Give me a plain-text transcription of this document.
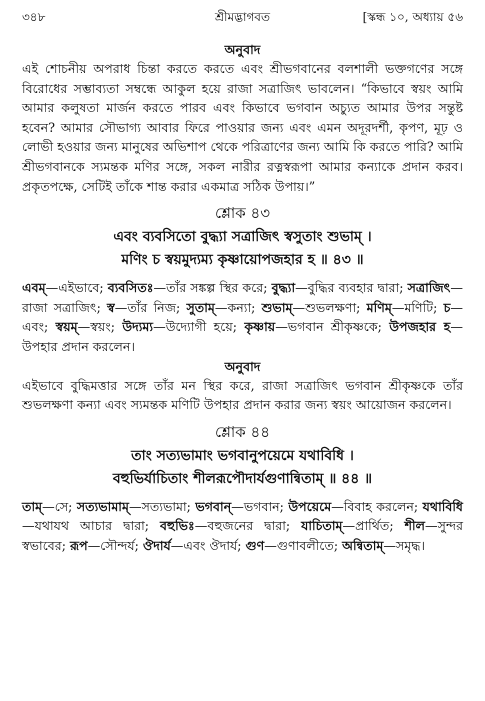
৩৪৮	শ্রীমদ্ভাগবত	[স্কন্ধ ১০, অধ্যায় ৫৬

অনুবাদ

এই শোচনীয় অপরাধ চিন্তা করতে করতে এবং শ্রীভগবানের বলশালী ভক্তগণের সঙ্গে বিরোধের সম্ভাব্যতা সম্বন্ধে আকুল হয়ে রাজা সত্রাজিৎ ভাবলেন। “কিভাবে স্বয়ং আমি আমার কলুষতা মার্জন করতে পারব এবং কিভাবে ভগবান অচ্যুত আমার উপর সন্তুষ্ট হবেন? আমার সৌভাগ্য আবার ফিরে পাওয়ার জন্য এবং এমন অদূরদর্শী, কৃপণ, মূঢ় ও লোভী হওয়ার জন্য মানুষের অভিশাপ থেকে পরিত্রাণের জন্য আমি কি করতে পারি? আমি শ্রীভগবানকে স্যমন্তক মণির সঙ্গে, সকল নারীর রত্নস্বরূপা আমার কন্যাকে প্রদান করব। প্রকৃতপক্ষে, সেটিই তাঁকে শান্ত করার একমাত্র সঠিক উপায়।”

শ্লোক ৪৩

এবং ব্যবসিতো বুদ্ধ্যা সত্রাজিৎ স্বসুতাং শুভাম্ ।

মণিং চ স্বয়মুদ্যম্য কৃষ্ণায়োপজহার হ ॥ ৪৩ ॥

এবম্—এইভাবে; ব্যবসিতঃ—তাঁর সঙ্কল্প স্থির করে; বুদ্ধ্যা—বুদ্ধির ব্যবহার দ্বারা; সত্রাজিৎ—রাজা সত্রাজিৎ; স্ব—তাঁর নিজ; সুতাম্—কন্যা; শুভাম্—শুভলক্ষণা; মণিম্—মণিটি; চ—এবং; স্বয়ম্—স্বয়ং; উদ্যম্য—উদ্যোগী হয়ে; কৃষ্ণায়—ভগবান শ্রীকৃষ্ণকে; উপজহার হ—উপহার প্রদান করলেন।

অনুবাদ

এইভাবে বুদ্ধিমত্তার সঙ্গে তাঁর মন স্থির করে, রাজা সত্রাজিৎ ভগবান শ্রীকৃষ্ণকে তাঁর শুভলক্ষণা কন্যা এবং স্যমন্তক মণিটি উপহার প্রদান করার জন্য স্বয়ং আয়োজন করলেন।

শ্লোক ৪৪

তাং সত্যভামাং ভগবানুপয়েমে যথাবিধি ।

বহুভির্যাচিতাং শীলরূপৌদার্যগুণান্বিতাম্ ॥ ৪৪ ॥

তাম্—সে; সত্যভামাম্—সত্যভামা; ভগবান্—ভগবান; উপয়েমে—বিবাহ করলেন; যথাবিধি—যথাযথ আচার দ্বারা; বহুভিঃ—বহুজনের দ্বারা; যাচিতাম্—প্রার্থিত; শীল—সুন্দর স্বভাবের; রূপ—সৌন্দর্য; ঔদার্য—এবং ঔদার্য; গুণ—গুণাবলীতে; অন্বিতাম্—সমৃদ্ধ।
